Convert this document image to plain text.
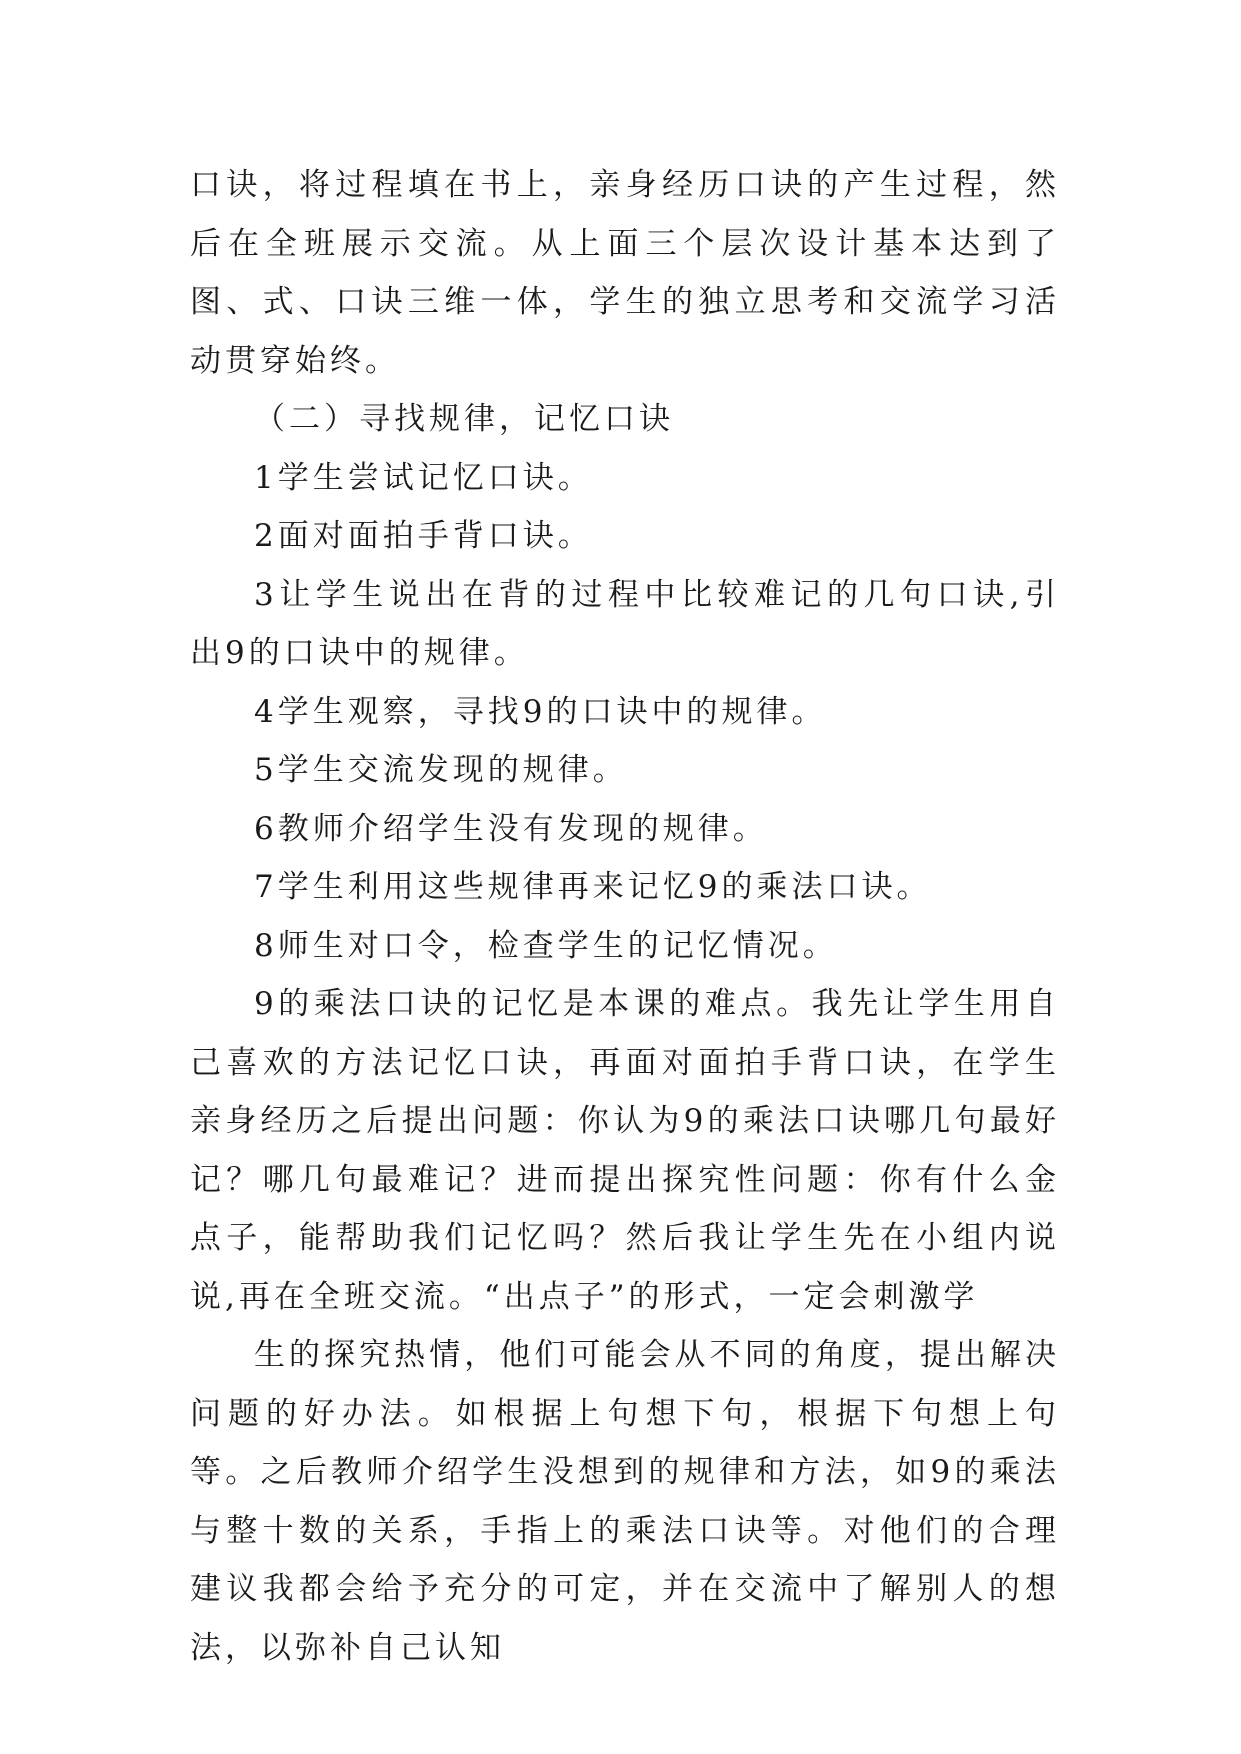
口诀，将过程填在书上，亲身经历口诀的产生过程，然后在全班展示交流。从上面三个层次设计基本达到了图、式、口诀三维一体，学生的独立思考和交流学习活动贯穿始终。

（二）寻找规律，记忆口诀

1学生尝试记忆口诀。

2面对面拍手背口诀。

3让学生说出在背的过程中比较难记的几句口诀,引出9的口诀中的规律。

4学生观察，寻找9的口诀中的规律。

5学生交流发现的规律。

6教师介绍学生没有发现的规律。

7学生利用这些规律再来记忆9的乘法口诀。

8师生对口令，检查学生的记忆情况。

9的乘法口诀的记忆是本课的难点。我先让学生用自己喜欢的方法记忆口诀，再面对面拍手背口诀，在学生亲身经历之后提出问题：你认为9的乘法口诀哪几句最好记？哪几句最难记？进而提出探究性问题：你有什么金点子，能帮助我们记忆吗？然后我让学生先在小组内说说,再在全班交流。“出点子”的形式，一定会刺激学

生的探究热情，他们可能会从不同的角度，提出解决问题的好办法。如根据上句想下句，根据下句想上句等。之后教师介绍学生没想到的规律和方法，如9的乘法与整十数的关系，手指上的乘法口诀等。对他们的合理建议我都会给予充分的可定，并在交流中了解别人的想法，以弥补自己认知
